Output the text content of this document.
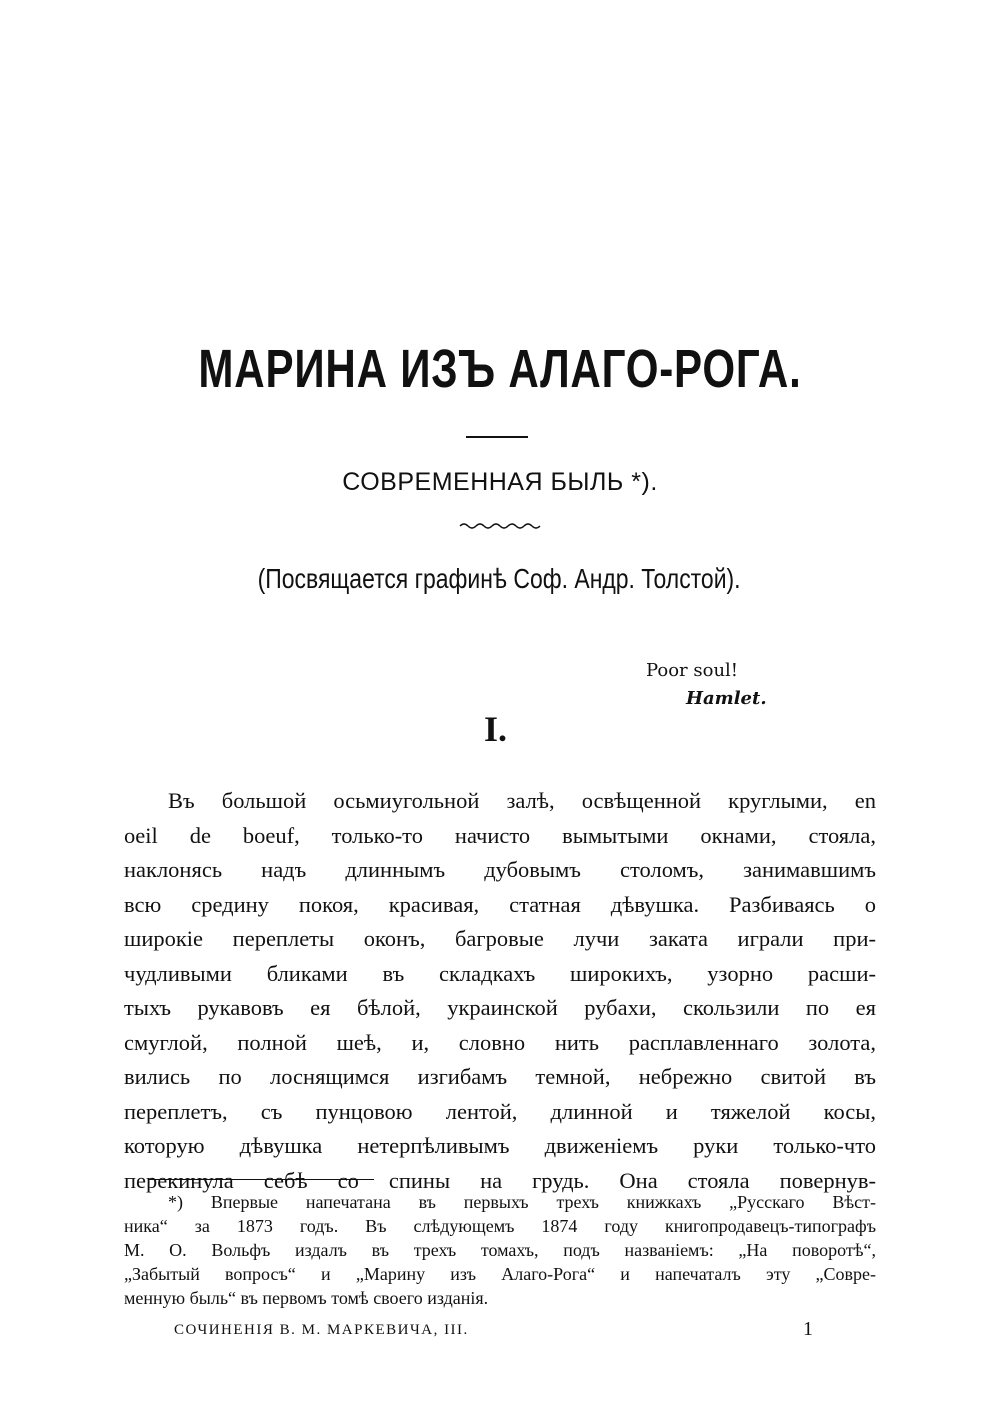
МАРИНА ИЗЪ АЛАГО-РОГА.
СОВРЕМЕННАЯ БЫЛЬ *).
(Посвящается графинѣ Соф. Андр. Толстой).
Poor soul!
Hamlet.
I.
Въ большой осьмиугольной залѣ, освѣщенной круглыми, en
oeil de boeuf, только-то начисто вымытыми окнами, стояла,
наклонясь надъ длиннымъ дубовымъ столомъ, занимавшимъ
всю средину покоя, красивая, статная дѣвушка. Разбиваясь о
широкіе переплеты оконъ, багровые лучи заката играли при-
чудливыми бликами въ складкахъ широкихъ, узорно расши-
тыхъ рукавовъ ея бѣлой, украинской рубахи, скользили по ея
смуглой, полной шеѣ, и, словно нить расплавленнаго золота,
вились по лоснящимся изгибамъ темной, небрежно свитой въ
переплетъ, съ пунцовою лентой, длинной и тяжелой косы,
которую дѣвушка нетерпѣливымъ движеніемъ руки только-что
перекинула себѣ со спины на грудь. Она стояла повернув-
*) Впервые напечатана въ первыхъ трехъ книжкахъ „Русскаго Вѣст-
ника“ за 1873 годъ. Въ слѣдующемъ 1874 году книгопродавецъ-типографъ
М. О. Вольфъ издалъ въ трехъ томахъ, подъ названіемъ: „На поворотѣ“,
„Забытый вопросъ“ и „Марину изъ Алаго-Рога“ и напечаталъ эту „Совре-
менную быль“ въ первомъ томѣ своего изданія.
СОЧИНЕНІЯ В. М. МАРКЕВИЧА, III.	1
